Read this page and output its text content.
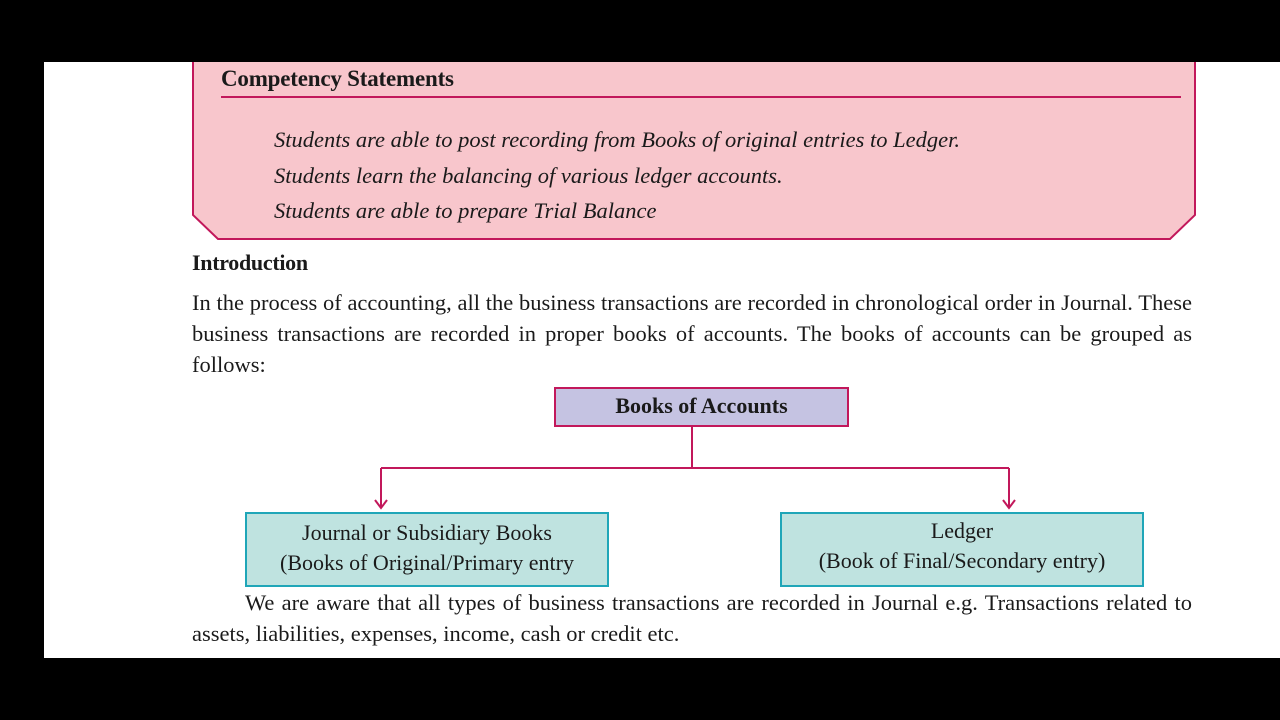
Competency Statements
Students are able to post recording from Books of original entries to Ledger.
Students learn the balancing of various ledger accounts.
Students are able to prepare Trial Balance
Introduction

In the process of accounting, all the business transactions are recorded in chronological order in Journal. These business transactions are recorded in proper books of accounts. The books of accounts can be grouped as follows:

Books of Accounts
Journal or Subsidiary Books
(Books of Original/Primary entry
Ledger
(Book of Final/Secondary entry)

We are aware that all types of business transactions are recorded in Journal e.g. Transactions related to assets, liabilities, expenses, income, cash or credit etc.
